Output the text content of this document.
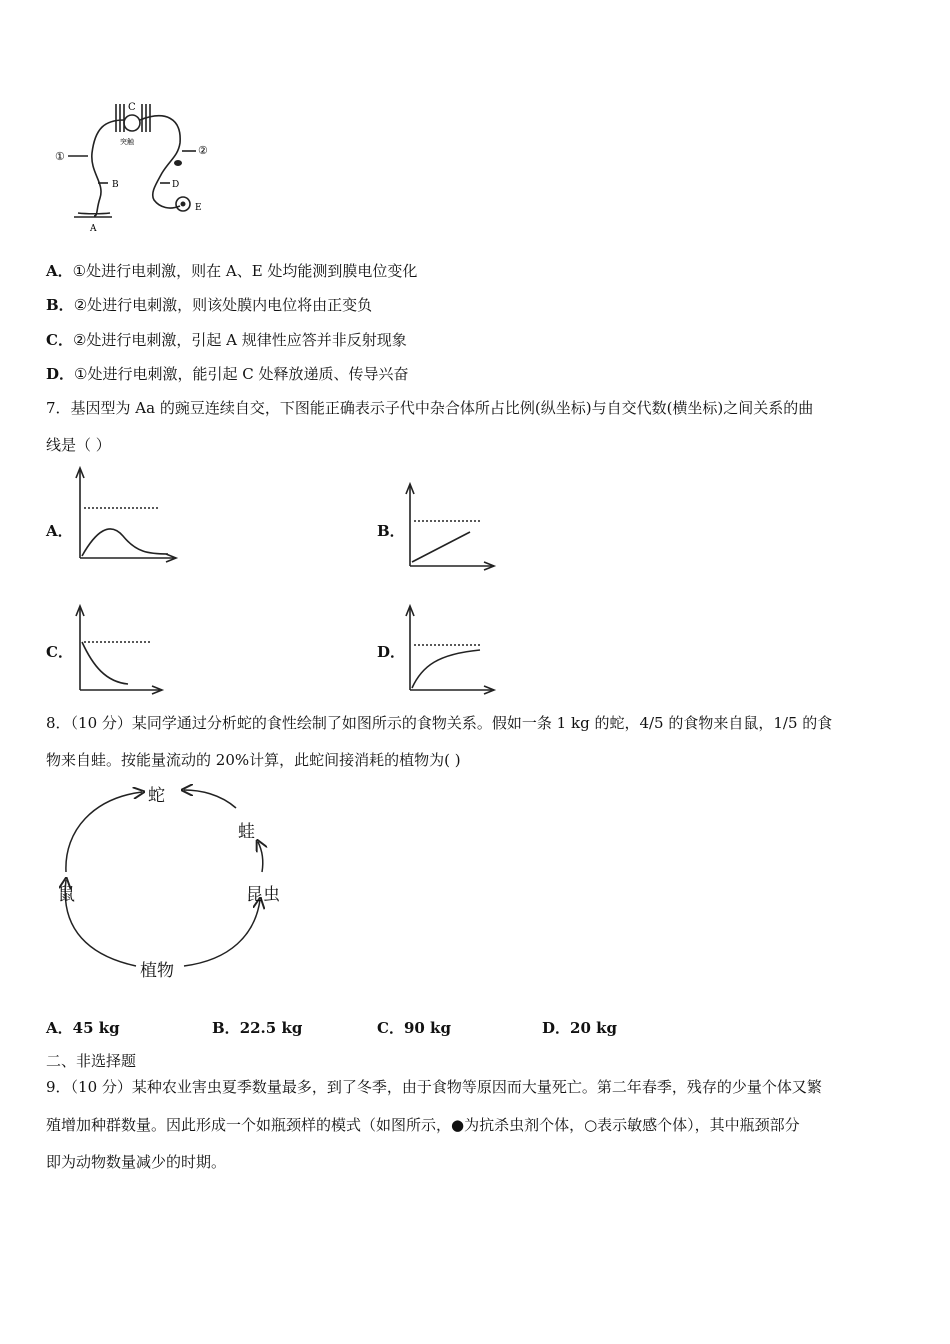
C
突触
①	②
A
B	D
E
A．①处进行电刺激，则在 A、E 处均能测到膜电位变化
B．②处进行电刺激，则该处膜内电位将由正变负
C．②处进行电刺激，引起 A 规律性应答并非反射现象
D．①处进行电刺激，能引起 C 处释放递质、传导兴奋
7．基因型为 Aa 的豌豆连续自交，下图能正确表示子代中杂合体所占比例(纵坐标)与自交代数(横坐标)之间关系的曲
线是（ ）
A．	B．
C．	D．
8．（10 分）某同学通过分析蛇的食性绘制了如图所示的食物关系。假如一条 1 kg 的蛇，4/5 的食物来自鼠，1/5 的食
物来自蛙。按能量流动的 20%计算，此蛇间接消耗的植物为( )
蛇
蛙
昆虫
鼠
植物
A．45 kg	B．22.5 kg	C．90 kg	D．20 kg
二、非选择题
9．（10 分）某种农业害虫夏季数量最多，到了冬季，由于食物等原因而大量死亡。第二年春季，残存的少量个体又繁
殖增加种群数量。因此形成一个如瓶颈样的模式（如图所示，●为抗杀虫剂个体，○表示敏感个体），其中瓶颈部分
即为动物数量减少的时期。
